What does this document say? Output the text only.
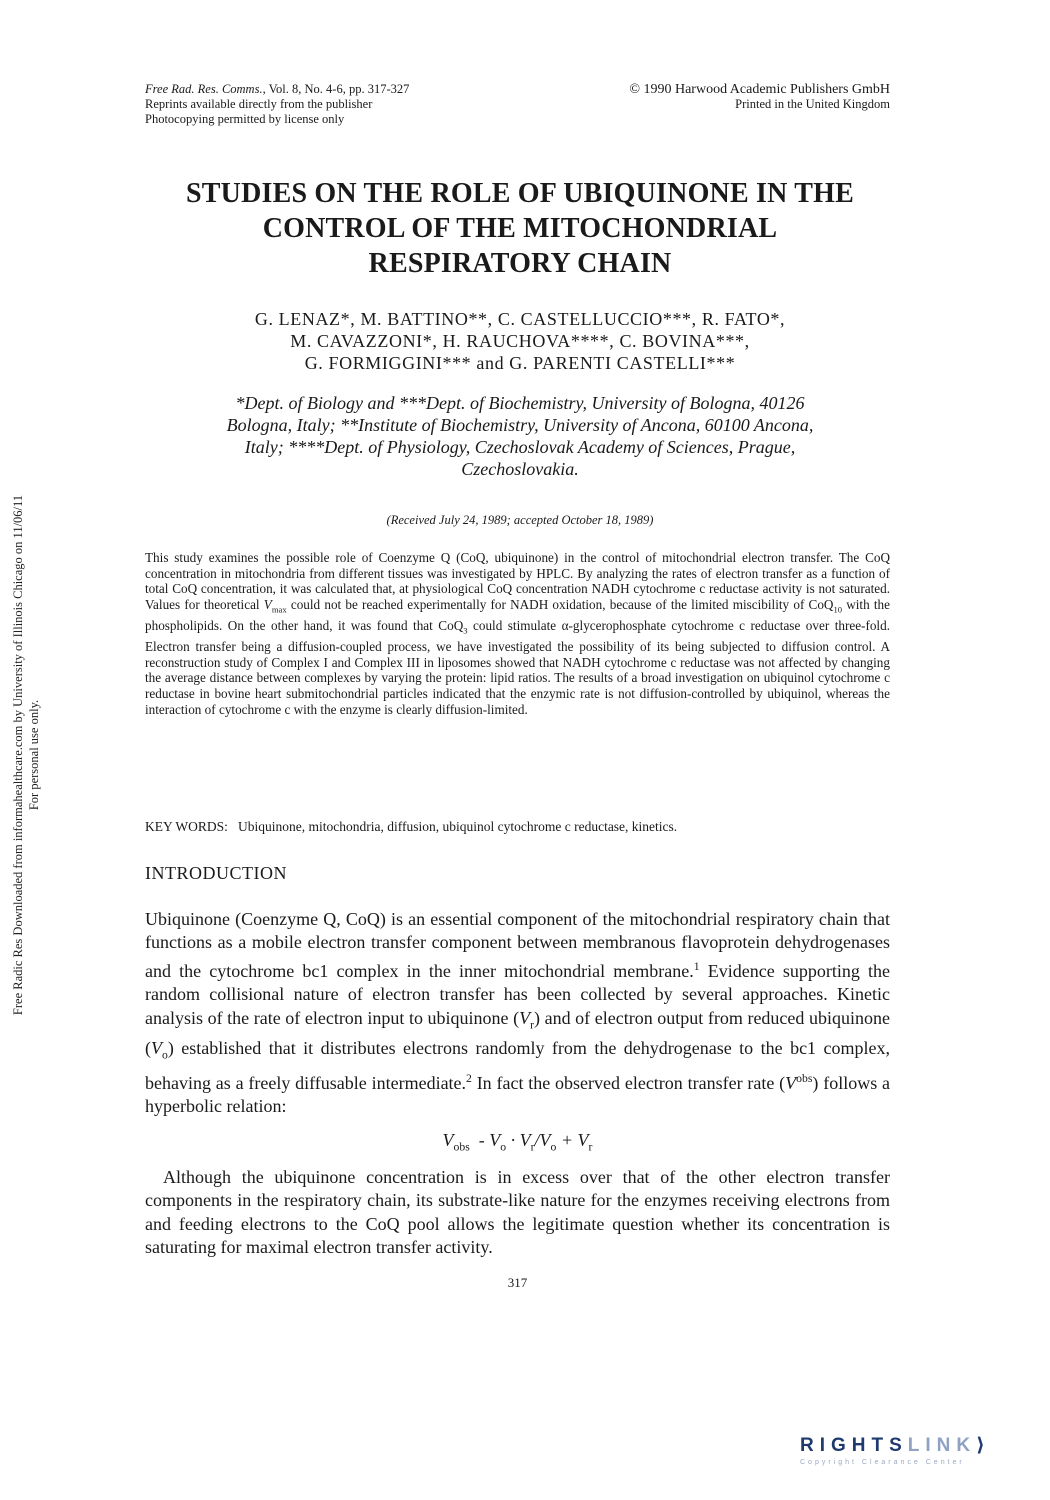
Free Radic Res Downloaded from informahealthcare.com by University of Illinois Chicago on 11/06/11 For personal use only.
Free Rad. Res. Comms., Vol. 8, No. 4-6, pp. 317-327
Reprints available directly from the publisher
Photocopying permitted by license only
© 1990 Harwood Academic Publishers GmbH
Printed in the United Kingdom
STUDIES ON THE ROLE OF UBIQUINONE IN THE
CONTROL OF THE MITOCHONDRIAL
RESPIRATORY CHAIN
G. LENAZ*, M. BATTINO**, C. CASTELLUCCIO***, R. FATO*,
M. CAVAZZONI*, H. RAUCHOVA****, C. BOVINA***,
G. FORMIGGINI*** and G. PARENTI CASTELLI***
*Dept. of Biology and ***Dept. of Biochemistry, University of Bologna, 40126
Bologna, Italy; **Institute of Biochemistry, University of Ancona, 60100 Ancona,
Italy; ****Dept. of Physiology, Czechoslovak Academy of Sciences, Prague,
Czechoslovakia.
(Received July 24, 1989; accepted October 18, 1989)
This study examines the possible role of Coenzyme Q (CoQ, ubiquinone) in the control of mitochondrial electron transfer. The CoQ concentration in mitochondria from different tissues was investigated by HPLC. By analyzing the rates of electron transfer as a function of total CoQ concentration, it was calculated that, at physiological CoQ concentration NADH cytochrome c reductase activity is not saturated. Values for theoretical $V_{max}$ could not be reached experimentally for NADH oxidation, because of the limited miscibility of CoQ$_{10}$ with the phospholipids. On the other hand, it was found that CoQ$_3$ could stimulate α-glycerophosphate cytochrome c reductase over three-fold. Electron transfer being a diffusion-coupled process, we have investigated the possibility of its being subjected to diffusion control. A reconstruction study of Complex I and Complex III in liposomes showed that NADH cytochrome c reductase was not affected by changing the average distance between complexes by varying the protein: lipid ratios. The results of a broad investigation on ubiquinol cytochrome c reductase in bovine heart submitochondrial particles indicated that the enzymic rate is not diffusion-controlled by ubiquinol, whereas the interaction of cytochrome c with the enzyme is clearly diffusion-limited.
KEY WORDS: Ubiquinone, mitochondria, diffusion, ubiquinol cytochrome c reductase, kinetics.
INTRODUCTION
Ubiquinone (Coenzyme Q, CoQ) is an essential component of the mitochondrial respiratory chain that functions as a mobile electron transfer component between membranous flavoprotein dehydrogenases and the cytochrome bc1 complex in the inner mitochondrial membrane.$^1$ Evidence supporting the random collisional nature of electron transfer has been collected by several approaches. Kinetic analysis of the rate of electron input to ubiquinone $(V_r)$ and of electron output from reduced ubiquinone $(V_o)$ established that it distributes electrons randomly from the dehydrogenase to the bc1 complex, behaving as a freely diffusable intermediate.$^2$ In fact the observed electron transfer rate $(V^{obs})$ follows a hyperbolic relation:
$V_{obs} - V_o \cdot V_r/V_o + V_r$
Although the ubiquinone concentration is in excess over that of the other electron transfer components in the respiratory chain, its substrate-like nature for the enzymes receiving electrons from and feeding electrons to the CoQ pool allows the legitimate question whether its concentration is saturating for maximal electron transfer activity.
317
RIGHTSLINK⟩
Copyright Clearance Center
